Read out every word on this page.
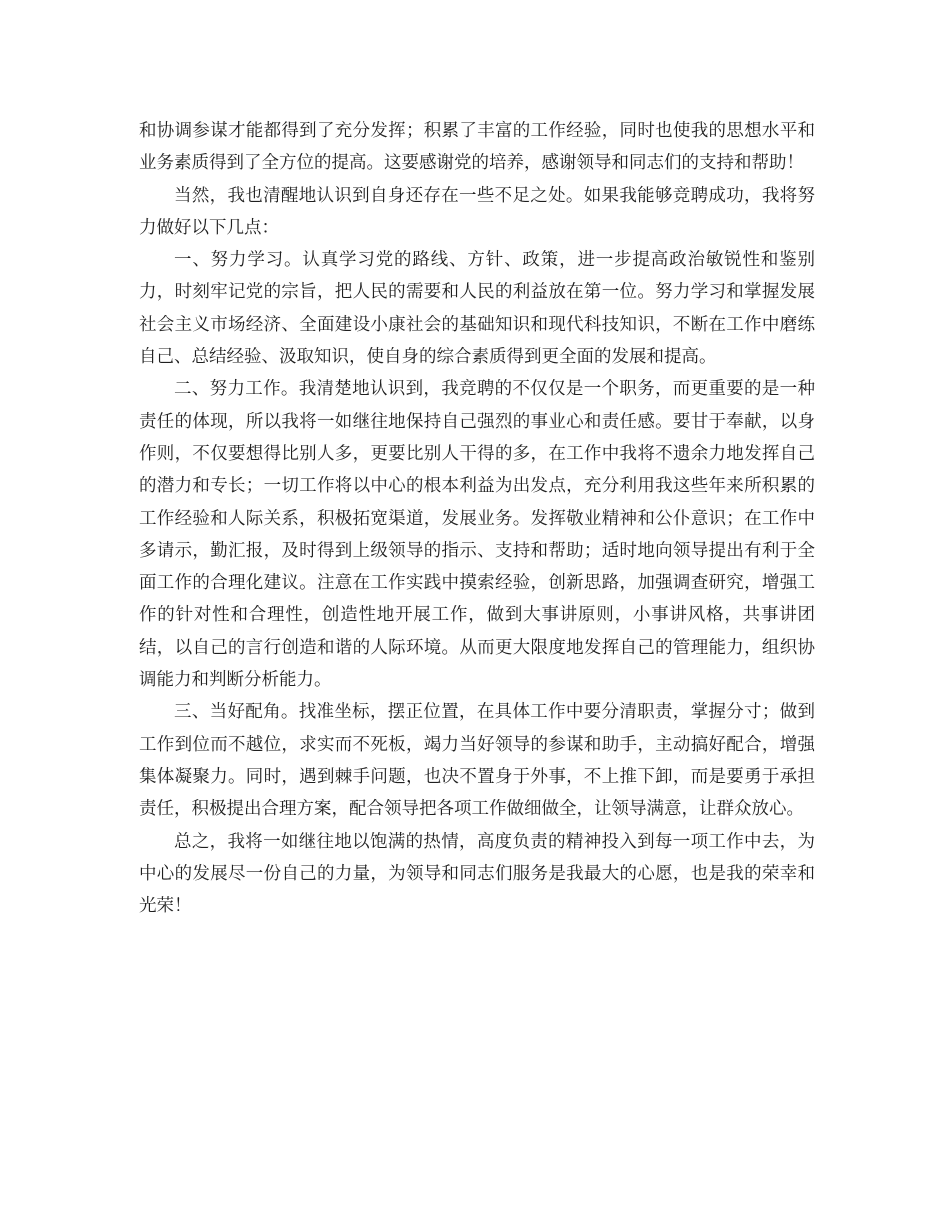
和协调参谋才能都得到了充分发挥；积累了丰富的工作经验，同时也使我的思想水平和业务素质得到了全方位的提高。这要感谢党的培养，感谢领导和同志们的支持和帮助！

当然，我也清醒地认识到自身还存在一些不足之处。如果我能够竞聘成功，我将努力做好以下几点：

一、努力学习。认真学习党的路线、方针、政策，进一步提高政治敏锐性和鉴别力，时刻牢记党的宗旨，把人民的需要和人民的利益放在第一位。努力学习和掌握发展社会主义市场经济、全面建设小康社会的基础知识和现代科技知识，不断在工作中磨练自己、总结经验、汲取知识，使自身的综合素质得到更全面的发展和提高。

二、努力工作。我清楚地认识到，我竞聘的不仅仅是一个职务，而更重要的是一种责任的体现，所以我将一如继往地保持自己强烈的事业心和责任感。要甘于奉献，以身作则，不仅要想得比别人多，更要比别人干得的多，在工作中我将不遗余力地发挥自己的潜力和专长；一切工作将以中心的根本利益为出发点，充分利用我这些年来所积累的工作经验和人际关系，积极拓宽渠道，发展业务。发挥敬业精神和公仆意识；在工作中多请示，勤汇报，及时得到上级领导的指示、支持和帮助；适时地向领导提出有利于全面工作的合理化建议。注意在工作实践中摸索经验，创新思路，加强调查研究，增强工作的针对性和合理性，创造性地开展工作，做到大事讲原则，小事讲风格，共事讲团结，以自己的言行创造和谐的人际环境。从而更大限度地发挥自己的管理能力，组织协调能力和判断分析能力。

三、当好配角。找准坐标，摆正位置，在具体工作中要分清职责，掌握分寸；做到工作到位而不越位，求实而不死板，竭力当好领导的参谋和助手，主动搞好配合，增强集体凝聚力。同时，遇到棘手问题，也决不置身于外事，不上推下卸，而是要勇于承担责任，积极提出合理方案，配合领导把各项工作做细做全，让领导满意，让群众放心。

总之，我将一如继往地以饱满的热情，高度负责的精神投入到每一项工作中去，为中心的发展尽一份自己的力量，为领导和同志们服务是我最大的心愿，也是我的荣幸和光荣！
